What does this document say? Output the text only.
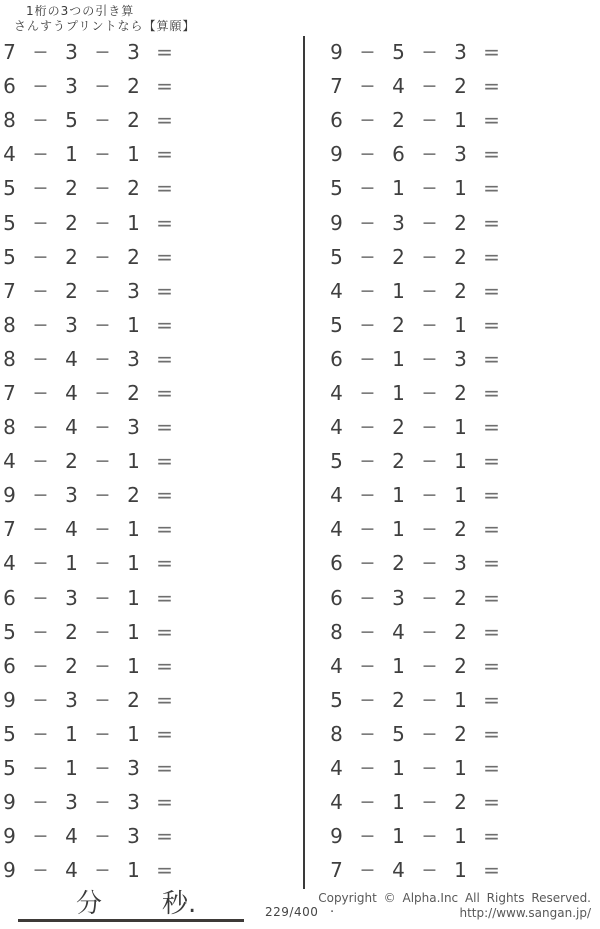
1桁の3つの引き算
さんすうプリントなら【算願】
7 − 3 − 3 =
6 − 3 − 2 =
8 − 5 − 2 =
4 − 1 − 1 =
5 − 2 − 2 =
5 − 2 − 1 =
5 − 2 − 2 =
7 − 2 − 3 =
8 − 3 − 1 =
8 − 4 − 3 =
7 − 4 − 2 =
8 − 4 − 3 =
4 − 2 − 1 =
9 − 3 − 2 =
7 − 4 − 1 =
4 − 1 − 1 =
6 − 3 − 1 =
5 − 2 − 1 =
6 − 2 − 1 =
9 − 3 − 2 =
5 − 1 − 1 =
5 − 1 − 3 =
9 − 3 − 3 =
9 − 4 − 3 =
9 − 4 − 1 =
9 − 5 − 3 =
7 − 4 − 2 =
6 − 2 − 1 =
9 − 6 − 3 =
5 − 1 − 1 =
9 − 3 − 2 =
5 − 2 − 2 =
4 − 1 − 2 =
5 − 2 − 1 =
6 − 1 − 3 =
4 − 1 − 2 =
4 − 2 − 1 =
5 − 2 − 1 =
4 − 1 − 1 =
4 − 1 − 2 =
6 − 2 − 3 =
6 − 3 − 2 =
8 − 4 − 2 =
4 − 1 − 2 =
5 − 2 − 1 =
8 − 5 − 2 =
4 − 1 − 1 =
4 − 1 − 2 =
9 − 1 − 1 =
7 − 4 − 1 =
分 秒.	229/400 .
Copyright © Alpha.Inc All Rights Reserved.
http://www.sangan.jp/
